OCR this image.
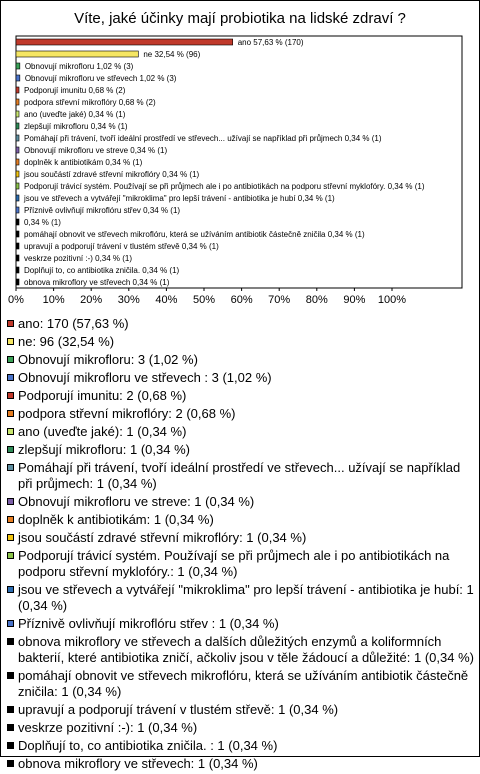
Víte, jaké účinky mají probiotika na lidské zdraví ?
ano 57,63 % (170)
ne 32,54 % (96)
Obnovují mikrofloru 1,02 % (3)
Obnovují mikrofloru ve střevech 1,02 % (3)
Podporují imunitu 0,68 % (2)
podpora střevní mikroflóry 0,68 % (2)
ano (uveďte jaké) 0,34 % (1)
zlepšují mikrofloru 0,34 % (1)
Pomáhají při trávení, tvoří ideální prostředí ve střevech... užívají se například při průjmech 0,34 % (1)
Obnovují mikrofloru ve streve 0,34 % (1)
doplněk k antibiotikám 0,34 % (1)
jsou součástí zdravé střevní mikroflóry 0,34 % (1)
Podporují trávicí systém. Používají se při průjmech ale i po antibiotikách na podporu střevní myklofóry. 0,34 % (1)
jsou ve střevech a vytvářejí "mikroklima" pro lepší trávení - antibiotika je hubí 0,34 % (1)
Příznivě ovlivňují mikroflóru střev 0,34 % (1)
0,34 % (1)
pomáhají obnovit ve střevech mikroflóru, která se užíváním antibiotik částečně zničila 0,34 % (1)
upravují a podporují trávení v tlustém střevě 0,34 % (1)
veskrze pozitivní :-) 0,34 % (1)
Doplňují to, co antibiotika zničila. 0,34 % (1)
obnova mikroflory ve střevech 0,34 % (1)
0% 10% 20% 30% 40% 50% 60% 70% 80% 90% 100%
ano: 170 (57,63 %)
ne: 96 (32,54 %)
Obnovují mikrofloru: 3 (1,02 %)
Obnovují mikrofloru ve střevech : 3 (1,02 %)
Podporují imunitu: 2 (0,68 %)
podpora střevní mikroflóry: 2 (0,68 %)
ano (uveďte jaké): 1 (0,34 %)
zlepšují mikrofloru: 1 (0,34 %)
Pomáhají při trávení, tvoří ideální prostředí ve střevech... užívají se například při průjmech: 1 (0,34 %)
Obnovují mikrofloru ve streve: 1 (0,34 %)
doplněk k antibiotikám: 1 (0,34 %)
jsou součástí zdravé střevní mikroflóry: 1 (0,34 %)
Podporují trávicí systém. Používají se při průjmech ale i po antibiotikách na podporu střevní myklofóry.: 1 (0,34 %)
jsou ve střevech a vytvářejí "mikroklima" pro lepší trávení - antibiotika je hubí: 1 (0,34 %)
Příznivě ovlivňují mikroflóru střev : 1 (0,34 %)
obnova mikroflory ve střevech a dalších důležitých enzymů a koliformních bakterií, které antibiotika zničí, ačkoliv jsou v těle žádoucí a důležité: 1 (0,34 %)
pomáhají obnovit ve střevech mikroflóru, která se užíváním antibiotik částečně zničila: 1 (0,34 %)
upravují a podporují trávení v tlustém střevě: 1 (0,34 %)
veskrze pozitivní :-): 1 (0,34 %)
Doplňují to, co antibiotika zničila. : 1 (0,34 %)
obnova mikroflory ve střevech: 1 (0,34 %)
